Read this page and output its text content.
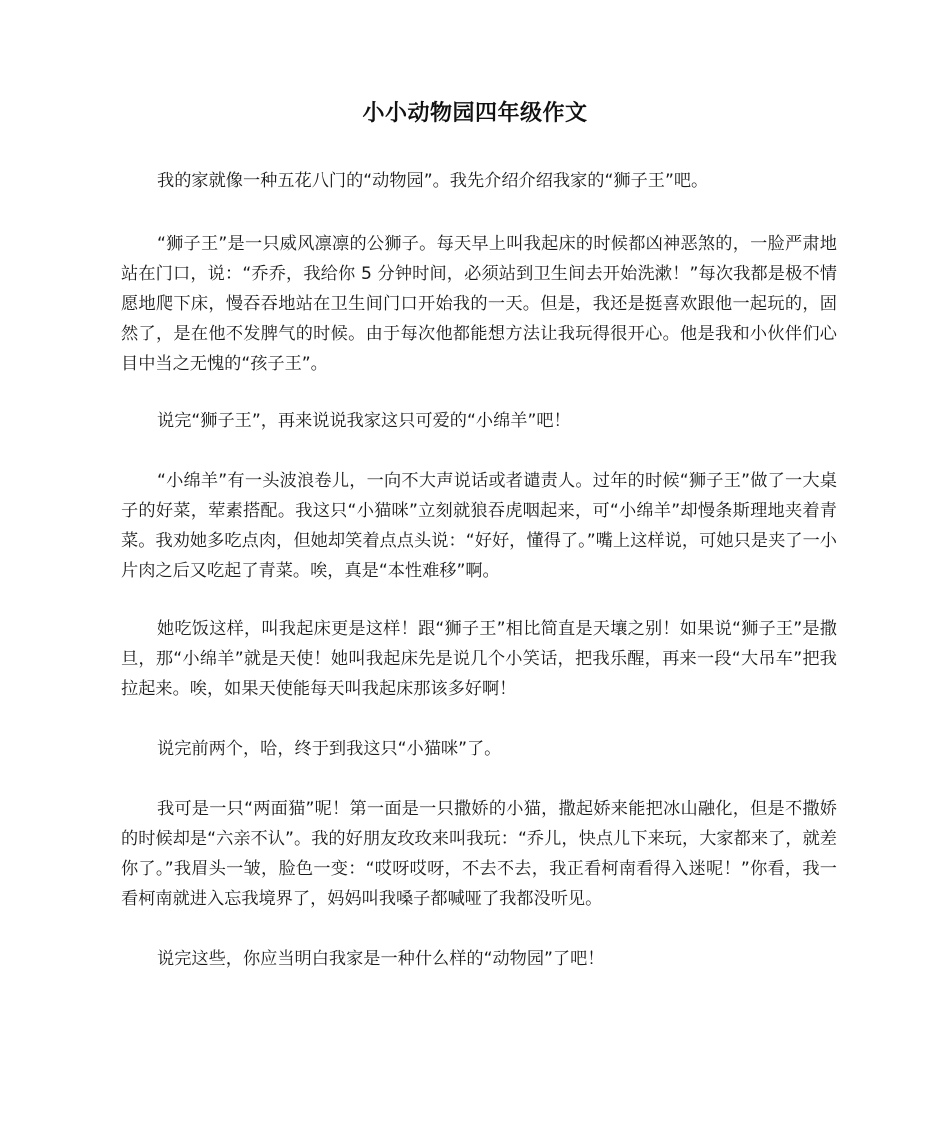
小小动物园四年级作文

我的家就像一种五花八门的“动物园”。我先介绍介绍我家的“狮子王”吧。

“狮子王”是一只威风凛凛的公狮子。每天早上叫我起床的时候都凶神恶煞的，一脸严肃地站在门口，说：“乔乔，我给你 5 分钟时间，必须站到卫生间去开始洗漱！”每次我都是极不情愿地爬下床，慢吞吞地站在卫生间门口开始我的一天。但是，我还是挺喜欢跟他一起玩的，固然了，是在他不发脾气的时候。由于每次他都能想方法让我玩得很开心。他是我和小伙伴们心目中当之无愧的“孩子王”。

说完“狮子王”，再来说说我家这只可爱的“小绵羊”吧！

“小绵羊”有一头波浪卷儿，一向不大声说话或者谴责人。过年的时候“狮子王”做了一大桌子的好菜，荤素搭配。我这只“小猫咪”立刻就狼吞虎咽起来，可“小绵羊”却慢条斯理地夹着青菜。我劝她多吃点肉，但她却笑着点点头说：“好好，懂得了。”嘴上这样说，可她只是夹了一小片肉之后又吃起了青菜。唉，真是“本性难移”啊。

她吃饭这样，叫我起床更是这样！跟“狮子王”相比简直是天壤之别！如果说“狮子王”是撒旦，那“小绵羊”就是天使！她叫我起床先是说几个小笑话，把我乐醒，再来一段“大吊车”把我拉起来。唉，如果天使能每天叫我起床那该多好啊！

说完前两个，哈，终于到我这只“小猫咪”了。

我可是一只“两面猫”呢！第一面是一只撒娇的小猫，撒起娇来能把冰山融化，但是不撒娇的时候却是“六亲不认”。我的好朋友玫玫来叫我玩：“乔儿，快点儿下来玩，大家都来了，就差你了。”我眉头一皱，脸色一变：“哎呀哎呀，不去不去，我正看柯南看得入迷呢！”你看，我一看柯南就进入忘我境界了，妈妈叫我嗓子都喊哑了我都没听见。

说完这些，你应当明白我家是一种什么样的“动物园”了吧！
